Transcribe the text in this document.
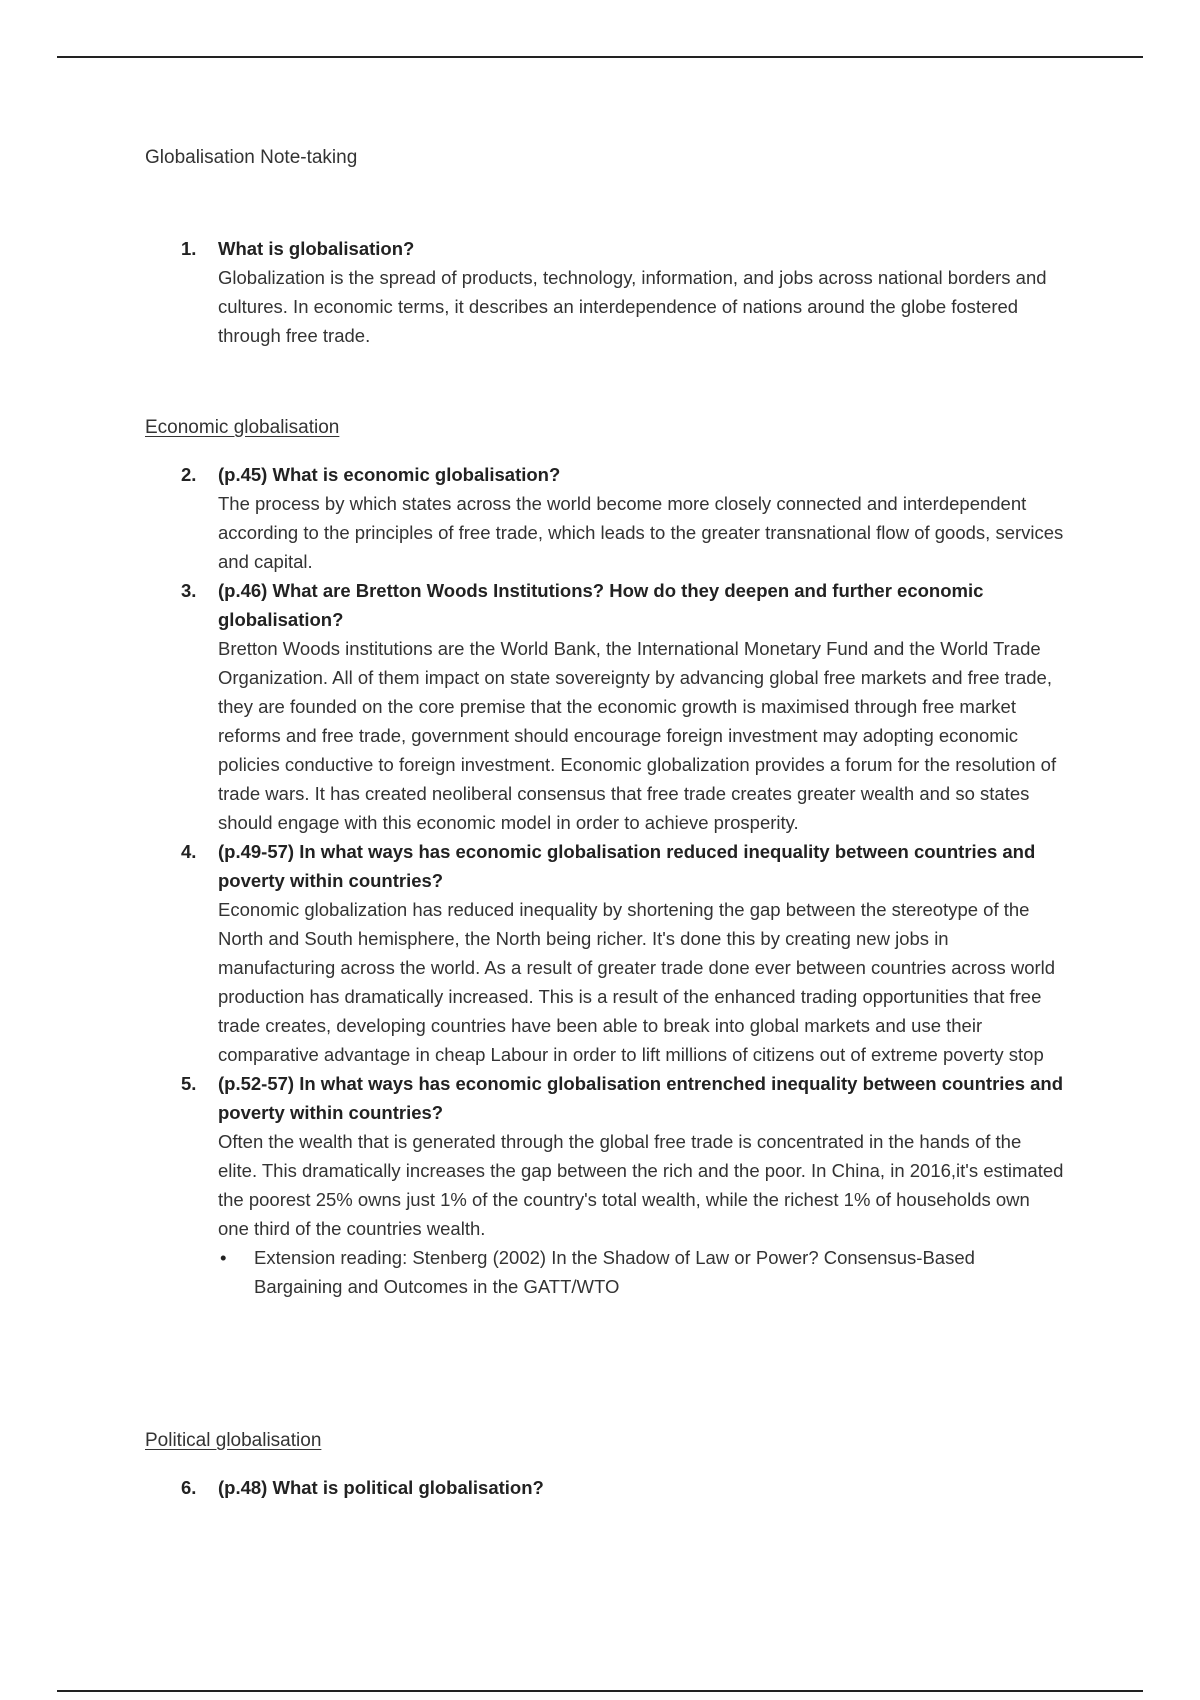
Globalisation Note-taking
1. What is globalisation?

Globalization is the spread of products, technology, information, and jobs across national borders and cultures. In economic terms, it describes an interdependence of nations around the globe fostered through free trade.

Economic globalisation
2. (p.45) What is economic globalisation?

The process by which states across the world become more closely connected and interdependent according to the principles of free trade, which leads to the greater transnational flow of goods, services and capital.

3. (p.46) What are Bretton Woods Institutions? How do they deepen and further economic globalisation?

Bretton Woods institutions are the World Bank, the International Monetary Fund and the World Trade Organization. All of them impact on state sovereignty by advancing global free markets and free trade, they are founded on the core premise that the economic growth is maximised through free market reforms and free trade, government should encourage foreign investment may adopting economic policies conductive to foreign investment. Economic globalization provides a forum for the resolution of trade wars. It has created neoliberal consensus that free trade creates greater wealth and so states should engage with this economic model in order to achieve prosperity.

4. (p.49-57) In what ways has economic globalisation reduced inequality between countries and poverty within countries?

Economic globalization has reduced inequality by shortening the gap between the stereotype of the North and South hemisphere, the North being richer. It's done this by creating new jobs in manufacturing across the world. As a result of greater trade done ever between countries across world production has dramatically increased. This is a result of the enhanced trading opportunities that free trade creates, developing countries have been able to break into global markets and use their comparative advantage in cheap Labour in order to lift millions of citizens out of extreme poverty stop

5. (p.52-57) In what ways has economic globalisation entrenched inequality between countries and poverty within countries?

Often the wealth that is generated through the global free trade is concentrated in the hands of the elite. This dramatically increases the gap between the rich and the poor. In China, in 2016,it's estimated the poorest 25% owns just 1% of the country's total wealth, while the richest 1% of households own one third of the countries wealth.

• Extension reading: Stenberg (2002) In the Shadow of Law or Power? Consensus-Based Bargaining and Outcomes in the GATT/WTO
Political globalisation
6. (p.48) What is political globalisation?
